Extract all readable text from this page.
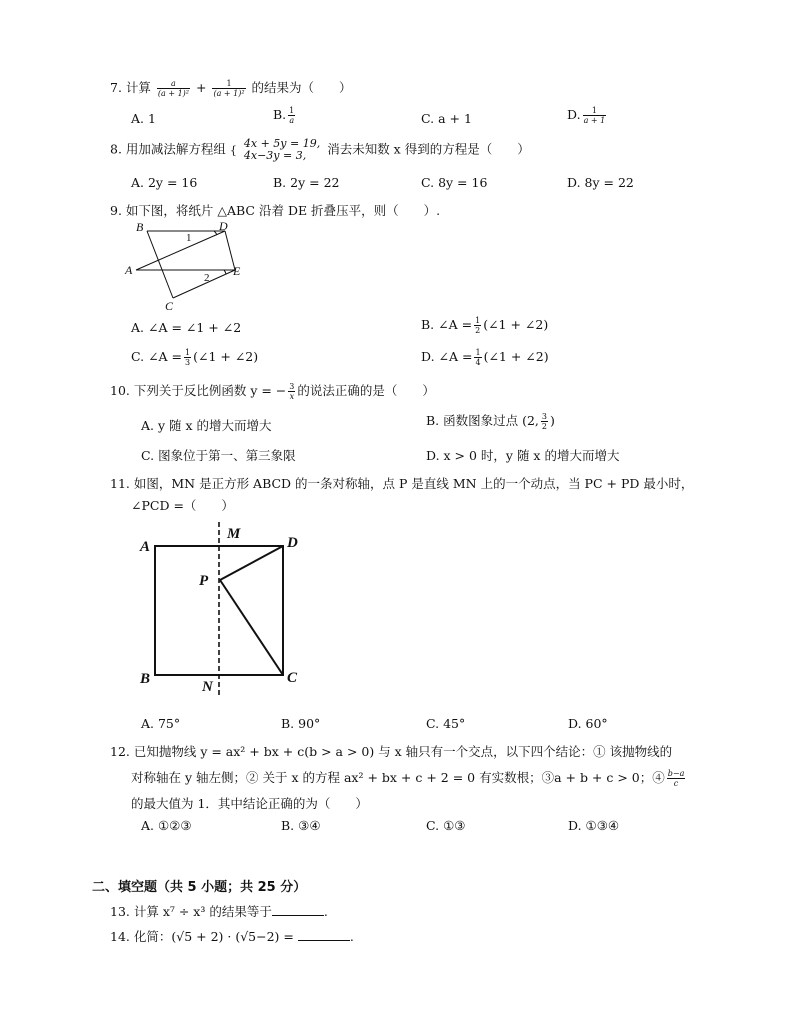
7. 计算 $\frac{a}{\text{(a + 1)²}} + \frac{1}{\text{(a + 1)²}}$ 的结果为（　　）
A. 1	B. $\frac{1}{a}$	C. a + 1	D. $\frac{1}{a + 1}$
8. 用加减法解方程组 { 4x + 5y = 19,
4x−3y = 3,	消去未知数 x 得到的方程是（　　）
A. 2y = 16	B. 2y = 22	C. 8y = 16	D. 8y = 22
9. 如下图，将纸片 △ABC 沿着 DE 折叠压平，则（　　）.
B	D
A	E
C
1
2
A. ∠A = ∠1 + ∠2	B. ∠A = $\frac{1}{2}$ (∠1 + ∠2)
C. ∠A = $\frac{1}{3}$ (∠1 + ∠2)	D. ∠A = $\frac{1}{4}$ (∠1 + ∠2)
10. 下列关于反比例函数 y = − $\frac{3}{x}$ 的说法正确的是（　　）
A. y 随 x 的增大而增大	B. 函数图象过点 (2, $\frac{3}{2}$ )
C. 图象位于第一、第三象限	D. x > 0 时，y 随 x 的增大而增大
11. 如图，MN 是正方形 ABCD 的一条对称轴，点 P 是直线 MN 上的一个动点，当 PC + PD 最小时，
∠PCD =（　　）
A
M
D
P
B	N
C
A. 75°	B. 90°	C. 45°	D. 60°
12. 已知抛物线 y = ax² + bx + c(b > a > 0) 与 x 轴只有一个交点，以下四个结论：① 该抛物线的
对称轴在 y 轴左侧；② 关于 x 的方程 ax² + bx + c + 2 = 0 有实数根；③a + b + c > 0；④ $\frac{b-a}{c}$
的最大值为 1．其中结论正确的为（　　）
A. ①②③	B. ③④	C. ①③	D. ①③④
二、填空题（共 5 小题；共 25 分）
13. 计算 x⁷ ÷ x³ 的结果等于	.
14. 化简：(√5 + 2) · (√5−2) =	.
